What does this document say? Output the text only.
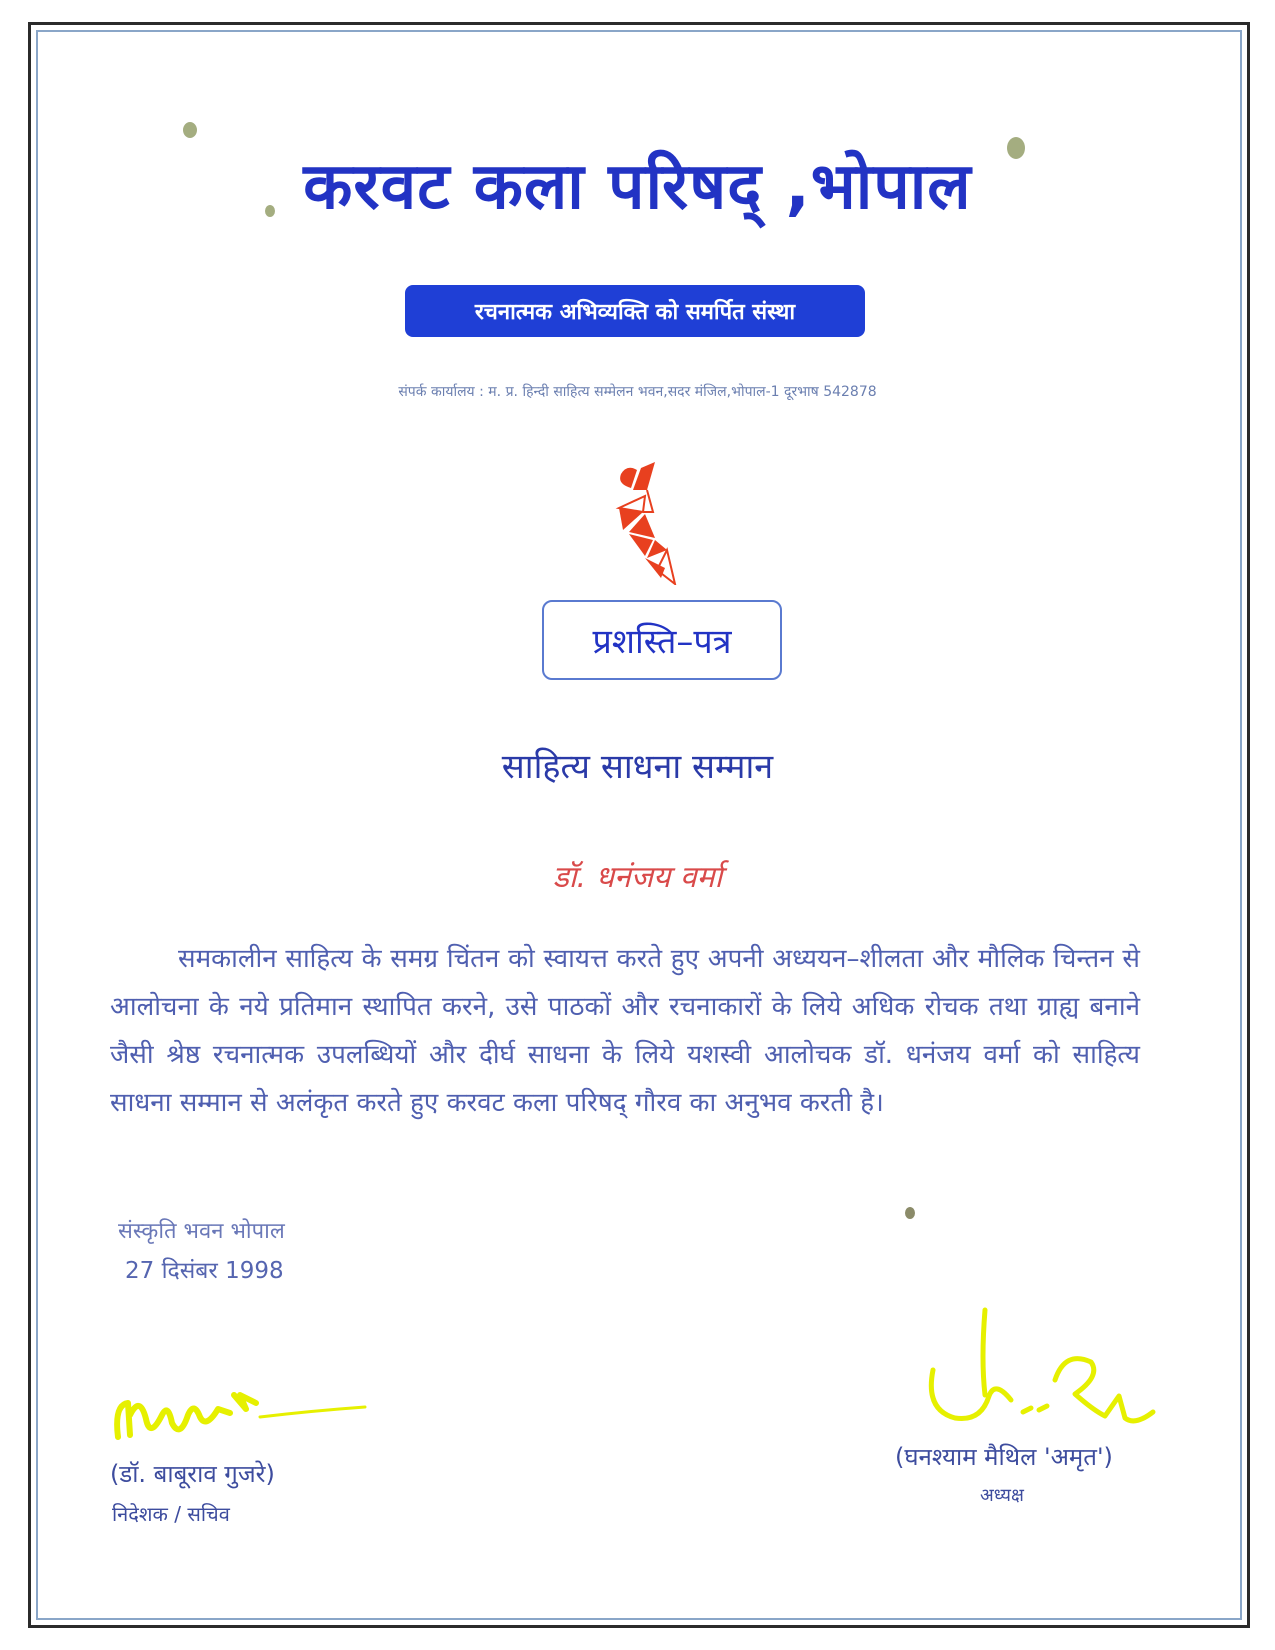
करवट कला परिषद् ,भोपाल
रचनात्मक अभिव्यक्ति को समर्पित संस्था
संपर्क कार्यालय : म. प्र. हिन्दी साहित्य सम्मेलन भवन,सदर मंजिल,भोपाल-1 दूरभाष 542878
प्रशस्ति–पत्र
साहित्य साधना सम्मान
डॉ. धनंजय वर्मा
समकालीन साहित्य के समग्र चिंतन को स्वायत्त करते हुए अपनी अध्ययन–शीलता और मौलिक चिन्तन से आलोचना के नये प्रतिमान स्थापित करने, उसे पाठकों और रचनाकारों के लिये अधिक रोचक तथा ग्राह्य बनाने जैसी श्रेष्ठ रचनात्मक उपलब्धियों और दीर्घ साधना के लिये यशस्वी आलोचक डॉ. धनंजय वर्मा को साहित्य साधना सम्मान से अलंकृत करते हुए करवट कला परिषद् गौरव का अनुभव करती है।
संस्कृति भवन भोपाल
27 दिसंबर 1998
(डॉ. बाबूराव गुजरे)
निदेशक / सचिव
(घनश्याम मैथिल 'अमृत')
अध्यक्ष
